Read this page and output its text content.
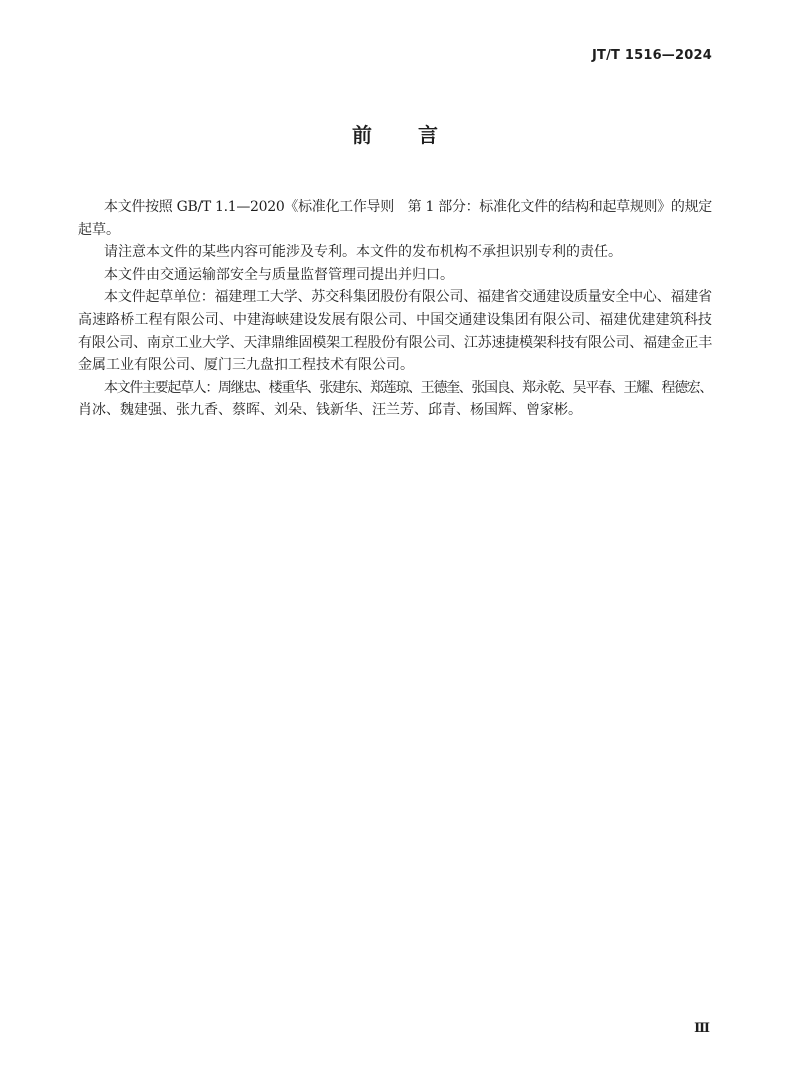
JT/T 1516—2024
前言
本文件按照 GB/T 1.1—2020《标准化工作导则　第 1 部分：标准化文件的结构和起草规则》的规定
起草。
请注意本文件的某些内容可能涉及专利。本文件的发布机构不承担识别专利的责任。
本文件由交通运输部安全与质量监督管理司提出并归口。
本文件起草单位：福建理工大学、苏交科集团股份有限公司、福建省交通建设质量安全中心、福建省
高速路桥工程有限公司、中建海峡建设发展有限公司、中国交通建设集团有限公司、福建优建建筑科技
有限公司、南京工业大学、天津鼎维固模架工程股份有限公司、江苏速捷模架科技有限公司、福建金正丰
金属工业有限公司、厦门三九盘扣工程技术有限公司。
本文件主要起草人：周继忠、楼重华、张建东、郑莲琼、王德奎、张国良、郑永乾、吴平春、王耀、程德宏、
肖冰、魏建强、张九香、蔡晖、刘朵、钱新华、汪兰芳、邱青、杨国辉、曾家彬。
Ⅲ
